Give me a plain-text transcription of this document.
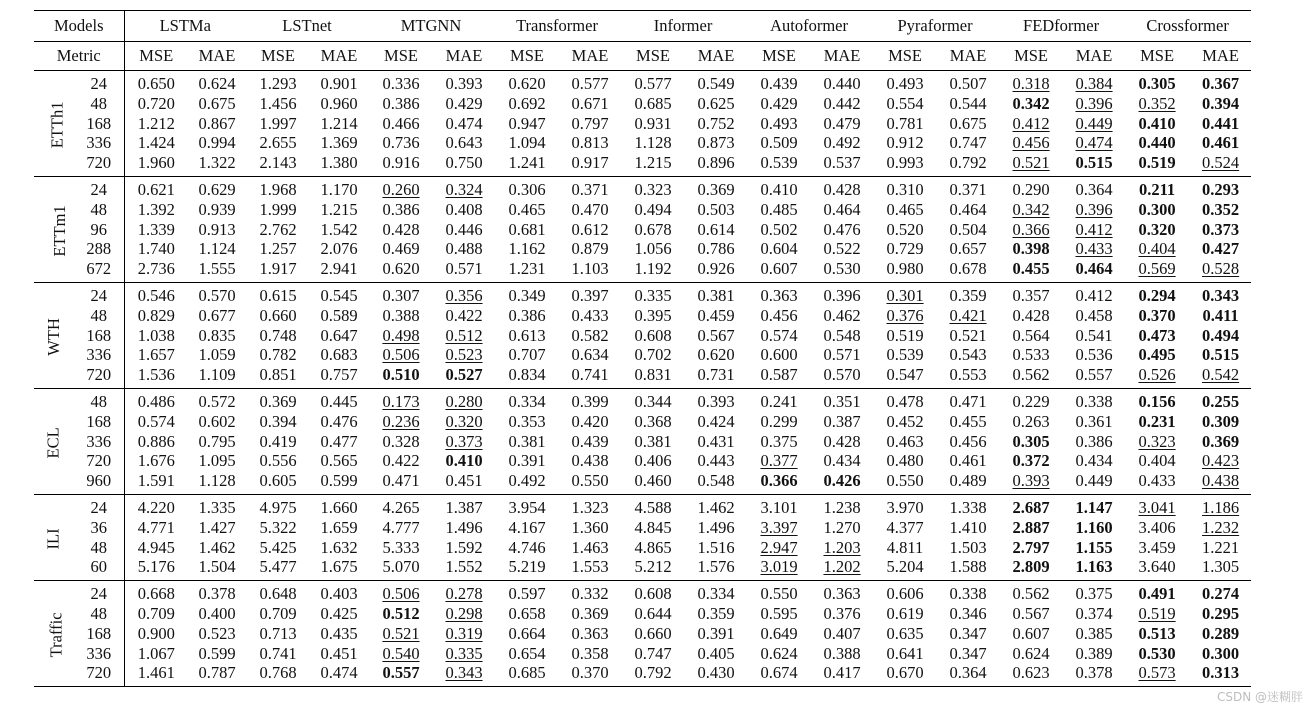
Models		LSTMa		LSTnet		MTGNN		Transformer		Informer		Autoformer		Pyraformer		FEDformer		Crossformer	
Metric		MSE	MAE	MSE	MAE	MSE	MAE	MSE	MAE	MSE	MAE	MSE	MAE	MSE	MAE	MSE	MAE	MSE	MAE
ETTh1	24	0.650	0.624	1.293	0.901	0.336	0.393	0.620	0.577	0.577	0.549	0.439	0.440	0.493	0.507	0.318	0.384	0.305	0.367
	48	0.720	0.675	1.456	0.960	0.386	0.429	0.692	0.671	0.685	0.625	0.429	0.442	0.554	0.544	0.342	0.396	0.352	0.394
	168	1.212	0.867	1.997	1.214	0.466	0.474	0.947	0.797	0.931	0.752	0.493	0.479	0.781	0.675	0.412	0.449	0.410	0.441
	336	1.424	0.994	2.655	1.369	0.736	0.643	1.094	0.813	1.128	0.873	0.509	0.492	0.912	0.747	0.456	0.474	0.440	0.461
	720	1.960	1.322	2.143	1.380	0.916	0.750	1.241	0.917	1.215	0.896	0.539	0.537	0.993	0.792	0.521	0.515	0.519	0.524
ETTm1	24	0.621	0.629	1.968	1.170	0.260	0.324	0.306	0.371	0.323	0.369	0.410	0.428	0.310	0.371	0.290	0.364	0.211	0.293
	48	1.392	0.939	1.999	1.215	0.386	0.408	0.465	0.470	0.494	0.503	0.485	0.464	0.465	0.464	0.342	0.396	0.300	0.352
	96	1.339	0.913	2.762	1.542	0.428	0.446	0.681	0.612	0.678	0.614	0.502	0.476	0.520	0.504	0.366	0.412	0.320	0.373
	288	1.740	1.124	1.257	2.076	0.469	0.488	1.162	0.879	1.056	0.786	0.604	0.522	0.729	0.657	0.398	0.433	0.404	0.427
	672	2.736	1.555	1.917	2.941	0.620	0.571	1.231	1.103	1.192	0.926	0.607	0.530	0.980	0.678	0.455	0.464	0.569	0.528
WTH	24	0.546	0.570	0.615	0.545	0.307	0.356	0.349	0.397	0.335	0.381	0.363	0.396	0.301	0.359	0.357	0.412	0.294	0.343
	48	0.829	0.677	0.660	0.589	0.388	0.422	0.386	0.433	0.395	0.459	0.456	0.462	0.376	0.421	0.428	0.458	0.370	0.411
	168	1.038	0.835	0.748	0.647	0.498	0.512	0.613	0.582	0.608	0.567	0.574	0.548	0.519	0.521	0.564	0.541	0.473	0.494
	336	1.657	1.059	0.782	0.683	0.506	0.523	0.707	0.634	0.702	0.620	0.600	0.571	0.539	0.543	0.533	0.536	0.495	0.515
	720	1.536	1.109	0.851	0.757	0.510	0.527	0.834	0.741	0.831	0.731	0.587	0.570	0.547	0.553	0.562	0.557	0.526	0.542
ECL	48	0.486	0.572	0.369	0.445	0.173	0.280	0.334	0.399	0.344	0.393	0.241	0.351	0.478	0.471	0.229	0.338	0.156	0.255
	168	0.574	0.602	0.394	0.476	0.236	0.320	0.353	0.420	0.368	0.424	0.299	0.387	0.452	0.455	0.263	0.361	0.231	0.309
	336	0.886	0.795	0.419	0.477	0.328	0.373	0.381	0.439	0.381	0.431	0.375	0.428	0.463	0.456	0.305	0.386	0.323	0.369
	720	1.676	1.095	0.556	0.565	0.422	0.410	0.391	0.438	0.406	0.443	0.377	0.434	0.480	0.461	0.372	0.434	0.404	0.423
	960	1.591	1.128	0.605	0.599	0.471	0.451	0.492	0.550	0.460	0.548	0.366	0.426	0.550	0.489	0.393	0.449	0.433	0.438
ILI	24	4.220	1.335	4.975	1.660	4.265	1.387	3.954	1.323	4.588	1.462	3.101	1.238	3.970	1.338	2.687	1.147	3.041	1.186
	36	4.771	1.427	5.322	1.659	4.777	1.496	4.167	1.360	4.845	1.496	3.397	1.270	4.377	1.410	2.887	1.160	3.406	1.232
	48	4.945	1.462	5.425	1.632	5.333	1.592	4.746	1.463	4.865	1.516	2.947	1.203	4.811	1.503	2.797	1.155	3.459	1.221
	60	5.176	1.504	5.477	1.675	5.070	1.552	5.219	1.553	5.212	1.576	3.019	1.202	5.204	1.588	2.809	1.163	3.640	1.305
Traffic	24	0.668	0.378	0.648	0.403	0.506	0.278	0.597	0.332	0.608	0.334	0.550	0.363	0.606	0.338	0.562	0.375	0.491	0.274
	48	0.709	0.400	0.709	0.425	0.512	0.298	0.658	0.369	0.644	0.359	0.595	0.376	0.619	0.346	0.567	0.374	0.519	0.295
	168	0.900	0.523	0.713	0.435	0.521	0.319	0.664	0.363	0.660	0.391	0.649	0.407	0.635	0.347	0.607	0.385	0.513	0.289
	336	1.067	0.599	0.741	0.451	0.540	0.335	0.654	0.358	0.747	0.405	0.624	0.388	0.641	0.347	0.624	0.389	0.530	0.300
	720	1.461	0.787	0.768	0.474	0.557	0.343	0.685	0.370	0.792	0.430	0.674	0.417	0.670	0.364	0.623	0.378	0.573	0.313
CSDN @迷糊胖
